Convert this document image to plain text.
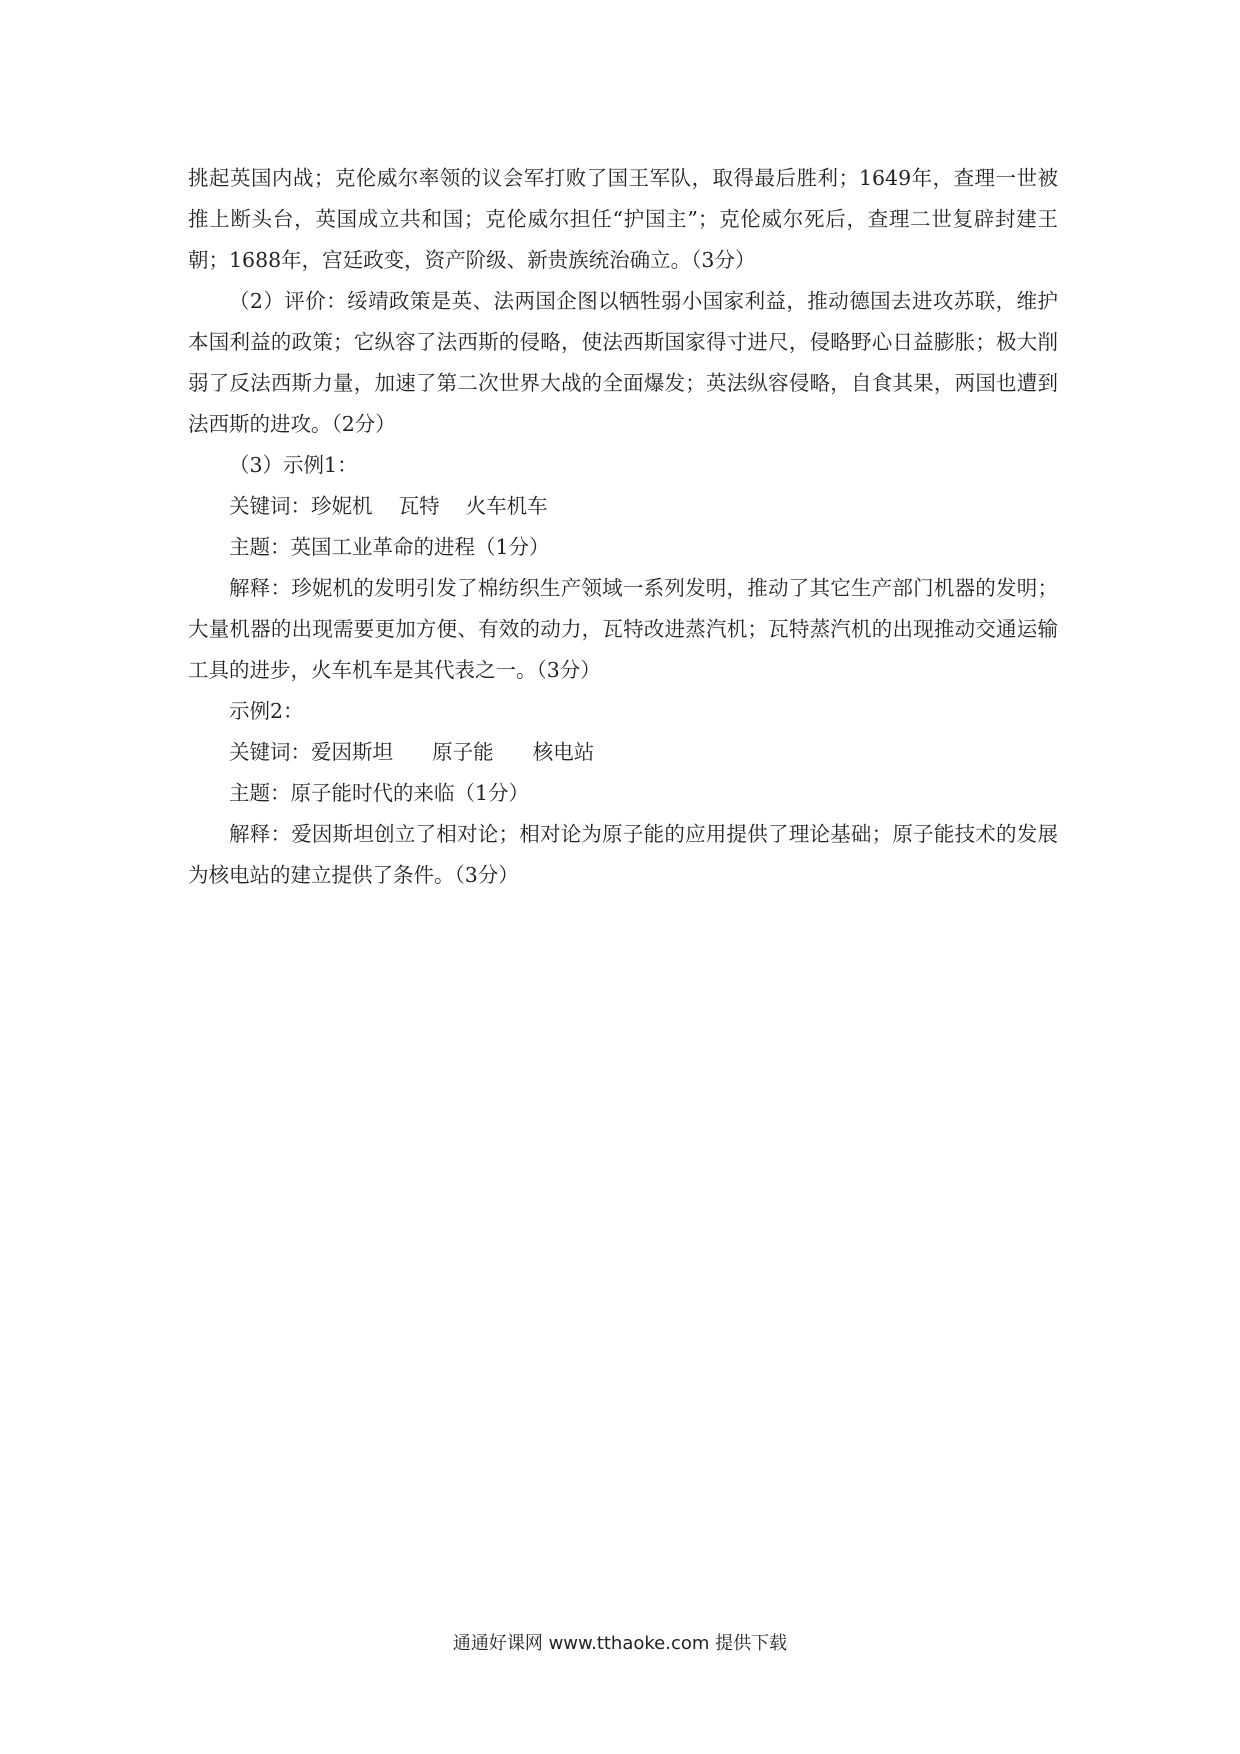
挑起英国内战；克伦威尔率领的议会军打败了国王军队，取得最后胜利；1649年，查理一世被推上断头台，英国成立共和国；克伦威尔担任“护国主”；克伦威尔死后，查理二世复辟封建王朝；1688年，宫廷政变，资产阶级、新贵族统治确立。（3分）

（2）评价：绥靖政策是英、法两国企图以牺牲弱小国家利益，推动德国去进攻苏联，维护本国利益的政策；它纵容了法西斯的侵略，使法西斯国家得寸进尺，侵略野心日益膨胀；极大削弱了反法西斯力量，加速了第二次世界大战的全面爆发；英法纵容侵略，自食其果，两国也遭到法西斯的进攻。（2分）

（3）示例1：

关键词：珍妮机    瓦特    火车机车

主题：英国工业革命的进程（1分）

解释：珍妮机的发明引发了棉纺织生产领域一系列发明，推动了其它生产部门机器的发明；大量机器的出现需要更加方便、有效的动力，瓦特改进蒸汽机；瓦特蒸汽机的出现推动交通运输工具的进步，火车机车是其代表之一。（3分）

示例2：

关键词：爱因斯坦      原子能      核电站

主题：原子能时代的来临（1分）

解释：爱因斯坦创立了相对论；相对论为原子能的应用提供了理论基础；原子能技术的发展为核电站的建立提供了条件。（3分）

通通好课网 www.tthaoke.com 提供下载
